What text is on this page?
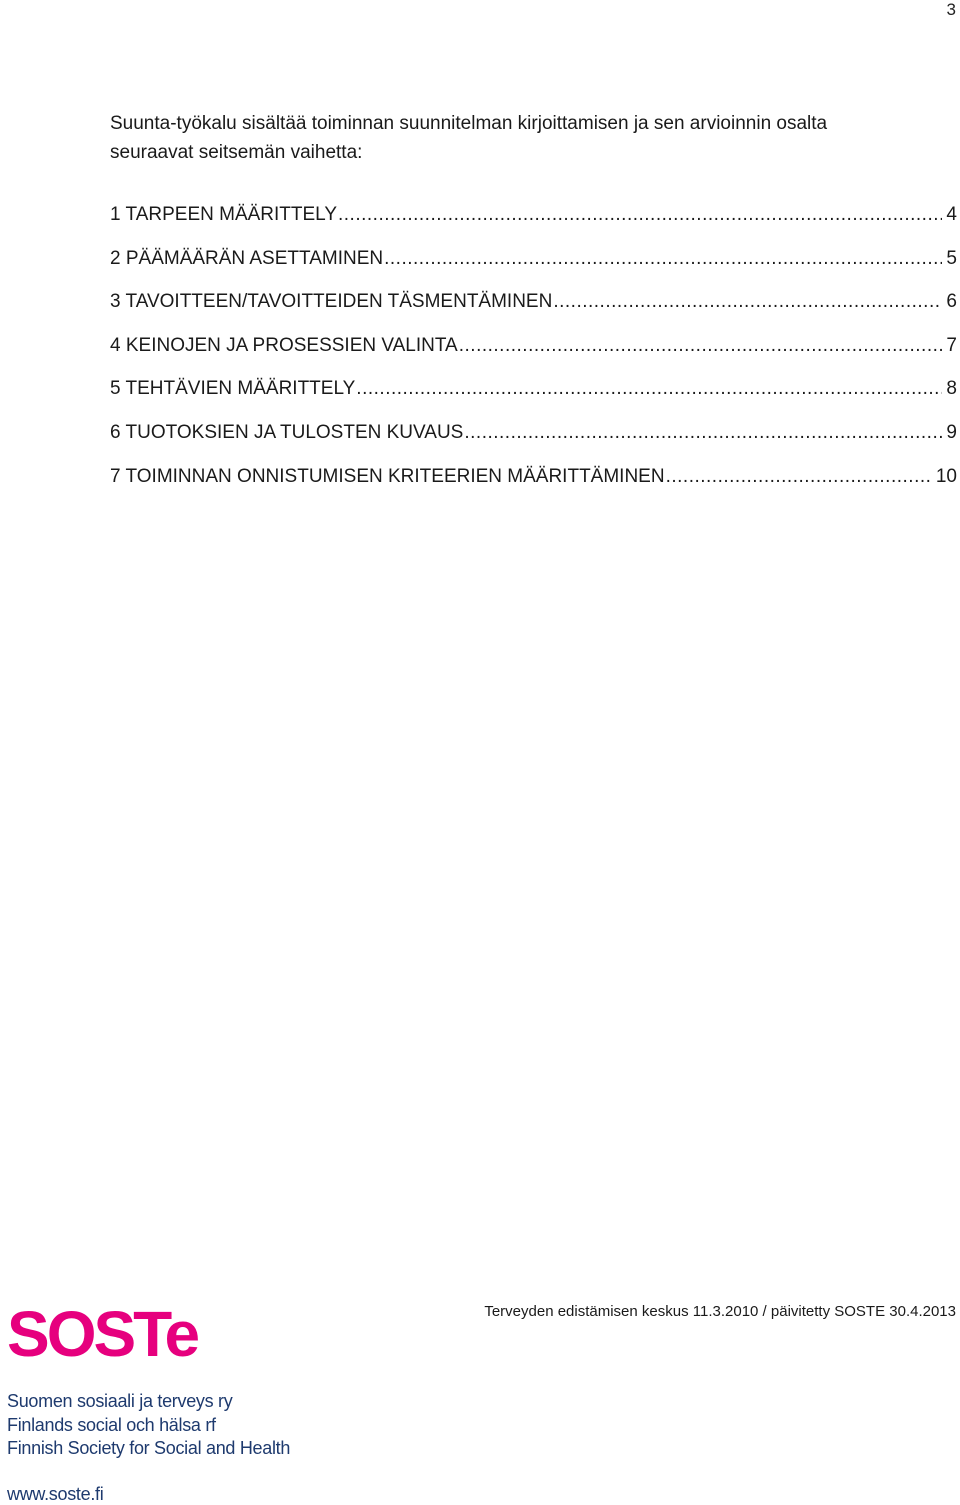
3

Suunta-työkalu sisältää toiminnan suunnitelman kirjoittamisen ja sen arvioinnin osalta seuraavat seitsemän vaihetta:

1 TARPEEN MÄÄRITTELY .....	4
2 PÄÄMÄÄRÄN ASETTAMINEN .....	5
3 TAVOITTEEN/TAVOITTEIDEN TÄSMENTÄMINEN .....	6
4 KEINOJEN JA PROSESSIEN VALINTA .....	7
5 TEHTÄVIEN MÄÄRITTELY .....	8
6 TUOTOKSIEN JA TULOSTEN KUVAUS .....	9
7 TOIMINNAN ONNISTUMISEN KRITEERIEN MÄÄRITTÄMINEN .....	10
Terveyden edistämisen keskus 11.3.2010 / päivitetty SOSTE 30.4.2013
SOSTe
Suomen sosiaali ja terveys ry
Finlands social och hälsa rf
Finnish Society for Social and Health
www.soste.fi
